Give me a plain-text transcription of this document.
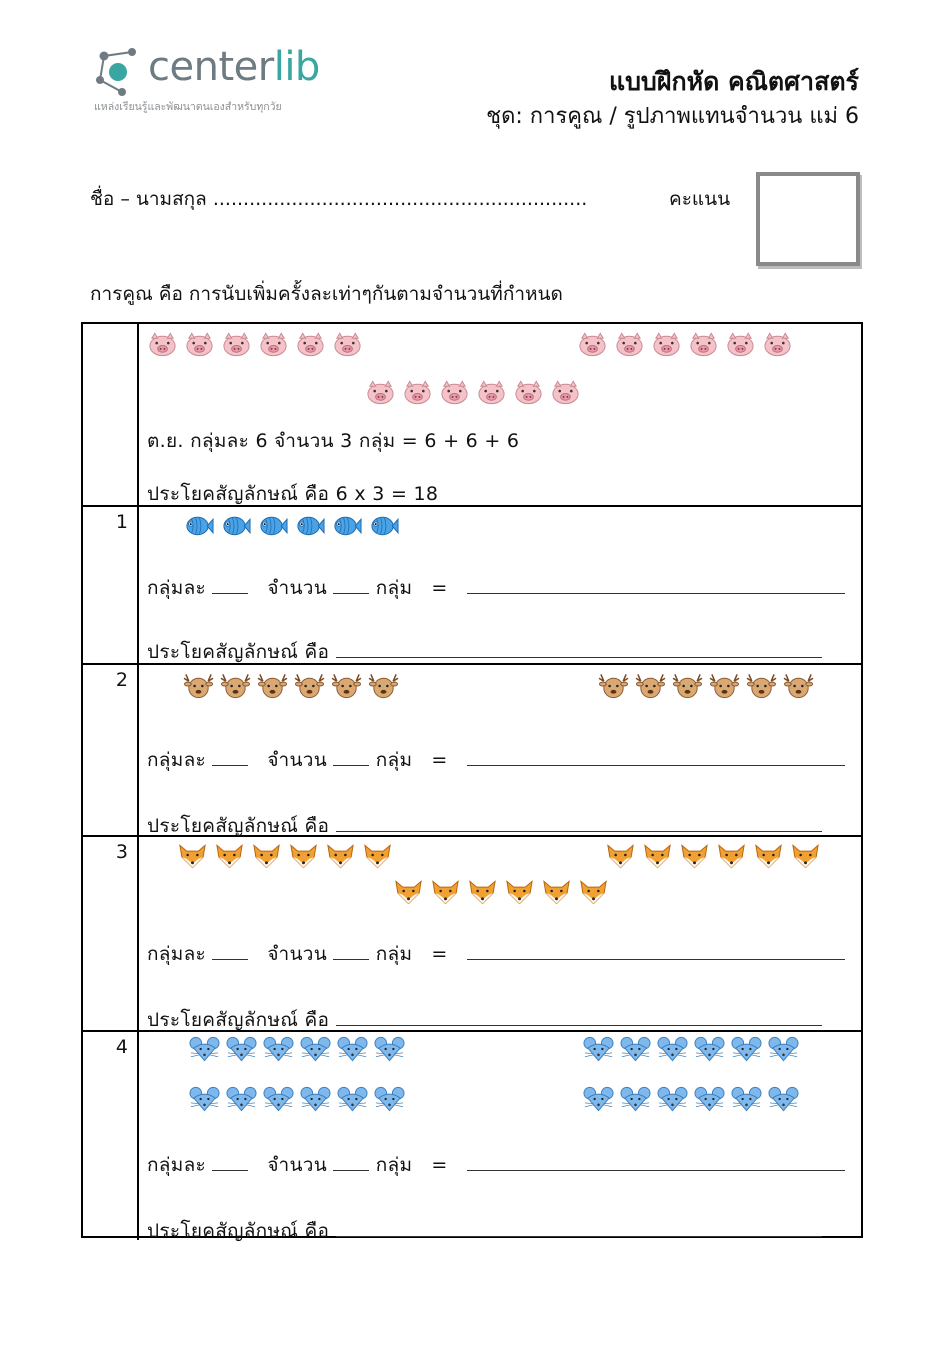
centerlib
แหล่งเรียนรู้และพัฒนาตนเองสำหรับทุกวัย
แบบฝึกหัด คณิตศาสตร์
ชุด: การคูณ / รูปภาพแทนจำนวน แม่ 6
ชื่อ – นามสกุล ..............................................................	คะแนน
การคูณ คือ การนับเพิ่มครั้งละเท่าๆกันตามจำนวนที่กำหนด
ต.ย. กลุ่มละ 6 จำนวน 3 กลุ่ม = 6 + 6 + 6
ประโยคสัญลักษณ์ คือ 6 x 3 = 18
1
กลุ่มละ	จำนวน	กลุ่ม =
ประโยคสัญลักษณ์ คือ
2
กลุ่มละ	จำนวน	กลุ่ม =
ประโยคสัญลักษณ์ คือ
3
กลุ่มละ	จำนวน	กลุ่ม =
ประโยคสัญลักษณ์ คือ
4
กลุ่มละ	จำนวน	กลุ่ม =
ประโยคสัญลักษณ์ คือ
